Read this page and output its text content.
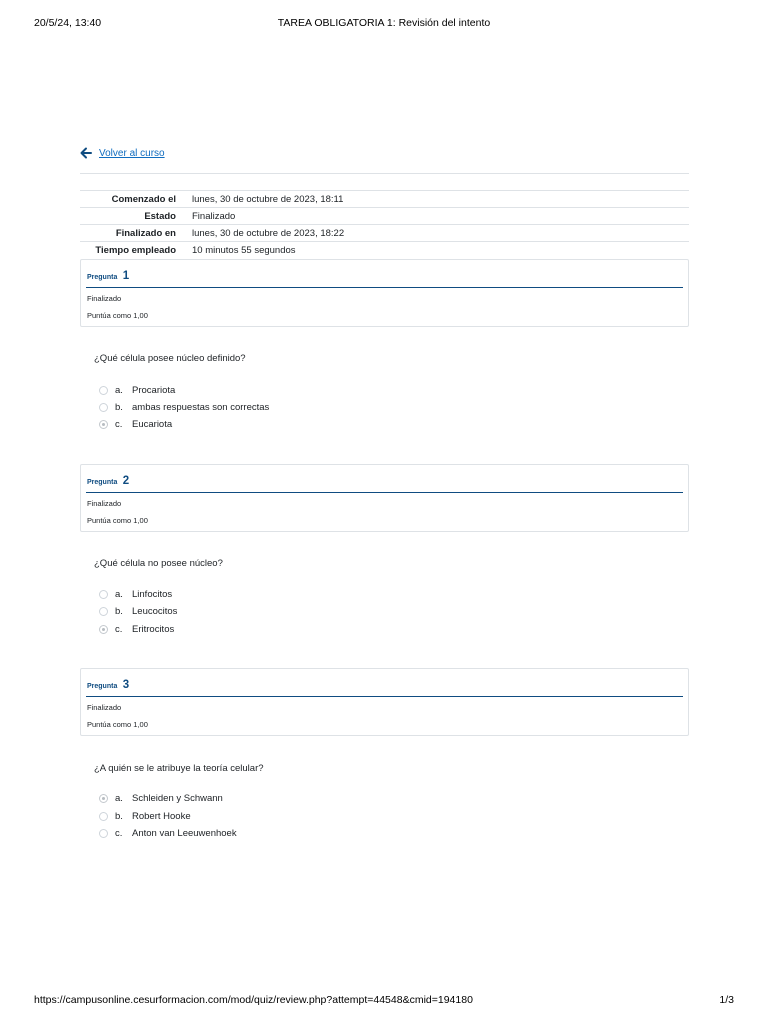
20/5/24, 13:40	TAREA OBLIGATORIA 1: Revisión del intento
Volver al curso

Comenzado el	lunes, 30 de octubre de 2023, 18:11
Estado	Finalizado
Finalizado en	lunes, 30 de octubre de 2023, 18:22
Tiempo empleado	10 minutos 55 segundos
Pregunta 1
Finalizado
Puntúa como 1,00
¿Qué célula posee núcleo definido?
a. Procariota
b. ambas respuestas son correctas
c.	Eucariota
Pregunta 2
Finalizado
Puntúa como 1,00
¿Qué célula no posee núcleo?
a. Linfocitos
b. Leucocitos
c.	Eritrocitos
Pregunta 3
Finalizado
Puntúa como 1,00
¿A quién se le atribuye la teoría celular?
a. Schleiden y Schwann
b. Robert Hooke
c.	Anton van Leeuwenhoek
https://campusonline.cesurformacion.com/mod/quiz/review.php?attempt=44548&cmid=194180	1/3
